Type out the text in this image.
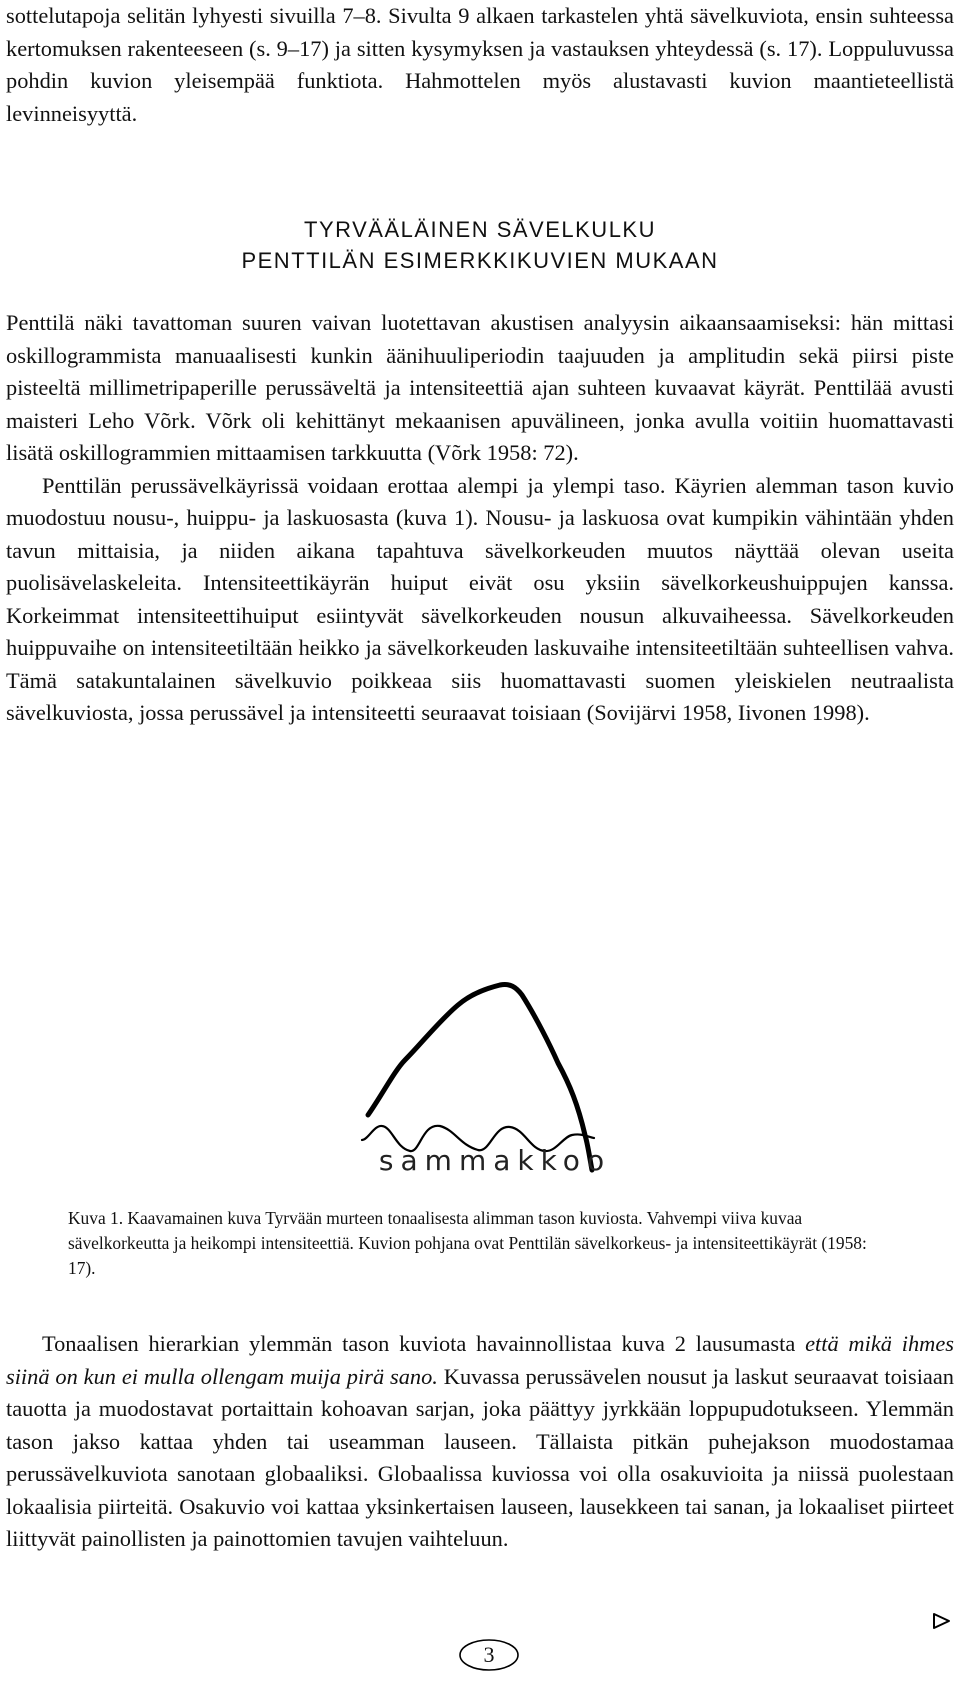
sottelutapoja selitän lyhyesti sivuilla 7–8. Sivulta 9 alkaen tarkastelen yhtä sävelkuviota, ensin suhteessa kertomuksen rakenteeseen (s. 9–17) ja sitten kysymyksen ja vastauksen yhteydessä (s. 17). Loppuluvussa pohdin kuvion yleisempää funktiota. Hahmottelen myös alustavasti kuvion maantieteellistä levinneisyyttä.

TYRVÄÄLÄINEN SÄVELKULKU
PENTTILÄN ESIMERKKIKUVIEN MUKAAN

Penttilä näki tavattoman suuren vaivan luotettavan akustisen analyysin aikaansaamiseksi: hän mittasi oskillogrammista manuaalisesti kunkin äänihuuliperiodin taajuuden ja amplitudin sekä piirsi piste pisteeltä millimetripaperille perussäveltä ja intensiteettiä ajan suhteen kuvaavat käyrät. Penttilää avusti maisteri Leho Võrk. Võrk oli kehittänyt mekaanisen apuvälineen, jonka avulla voitiin huomattavasti lisätä oskillogrammien mittaamisen tarkkuutta (Võrk 1958: 72).

Penttilän perussävelkäyrissä voidaan erottaa alempi ja ylempi taso. Käyrien alemman tason kuvio muodostuu nousu-, huippu- ja laskuosasta (kuva 1). Nousu- ja laskuosa ovat kumpikin vähintään yhden tavun mittaisia, ja niiden aikana tapahtuva sävelkorkeuden muutos näyttää olevan useita puolisävelaskeleita. Intensiteettikäyrän huiput eivät osu yksiin sävelkorkeushuippujen kanssa. Korkeimmat intensiteettihuiput esiintyvät sävelkorkeuden nousun alkuvaiheessa. Sävelkorkeuden huippuvaihe on intensiteetiltään heikko ja sävelkorkeuden laskuvaihe intensiteetiltään suhteellisen vahva. Tämä satakuntalainen sävelkuvio poikkeaa siis huomattavasti suomen yleiskielen neutraalista sävelkuviosta, jossa perussävel ja intensiteetti seuraavat toisiaan (Sovijärvi 1958, Iivonen 1998).

sammakkoo

Kuva 1. Kaavamainen kuva Tyrvään murteen tonaalisesta alimman tason kuviosta. Vahvempi viiva kuvaa sävelkorkeutta ja heikompi intensiteettiä. Kuvion pohjana ovat Penttilän sävelkorkeus- ja intensiteettikäyrät (1958: 17).

Tonaalisen hierarkian ylemmän tason kuviota havainnollistaa kuva 2 lausumasta että mikä ihmes siinä on kun ei mulla ollengam muija pirä sano. Kuvassa perussävelen nousut ja laskut seuraavat toisiaan tauotta ja muodostavat portaittain kohoavan sarjan, joka päättyy jyrkkään loppupudotukseen. Ylemmän tason jakso kattaa yhden tai useamman lauseen. Tällaista pitkän puhejakson muodostamaa perussävelkuviota sanotaan globaaliksi. Globaalissa kuviossa voi olla osakuvioita ja niissä puolestaan lokaalisia piirteitä. Osakuvio voi kattaa yksinkertaisen lauseen, lausekkeen tai sanan, ja lokaaliset piirteet liittyvät painollisten ja painottomien tavujen vaihteluun.
3
